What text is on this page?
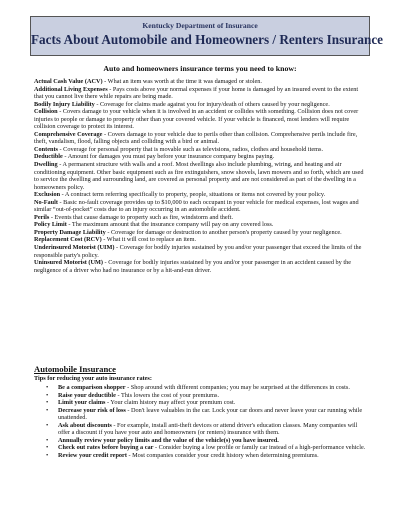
Kentucky Department of Insurance
Facts About Automobile and Homeowners / Renters Insurance
Auto and homeowners insurance terms you need to know:

Actual Cash Value (ACV) - What an item was worth at the time it was damaged or stolen.

Additional Living Expenses - Pays costs above your normal expenses if your home is damaged by an insured event to the extent that you cannot live there while repairs are being made.

Bodily Injury Liability - Coverage for claims made against you for injury/death of others caused by your negligence.

Collision - Covers damage to your vehicle when it is involved in an accident or collides with something. Collision does not cover injuries to people or damage to property other than your covered vehicle. If your vehicle is financed, most lenders will require collision coverage to protect its interest.

Comprehensive Coverage - Covers damage to your vehicle due to perils other than collision. Comprehensive perils include fire, theft, vandalism, flood, falling objects and colliding with a bird or animal.

Contents - Coverage for personal property that is movable such as televisions, radios, clothes and household items.

Deductible - Amount for damages you must pay before your insurance company begins paying.

Dwelling - A permanent structure with walls and a roof. Most dwellings also include plumbing, wiring, and heating and air conditioning equipment. Other basic equipment such as fire extinguishers, snow shovels, lawn mowers and so forth, which are used to service the dwelling and surrounding land, are covered as personal property and are not considered as part of the dwelling in a homeowners policy.

Exclusion - A contract term referring specifically to property, people, situations or items not covered by your policy.

No-Fault - Basic no-fault coverage provides up to $10,000 to each occupant in your vehicle for medical expenses, lost wages and similar “out-of-pocket” costs due to an injury occurring in an automobile accident.

Perils - Events that cause damage to property such as fire, windstorm and theft.

Policy Limit - The maximum amount that the insurance company will pay on any covered loss.

Property Damage Liability - Coverage for damage or destruction to another person's property caused by your negligence.

Replacement Cost (RCV) - What it will cost to replace an item.

Underinsured Motorist (UIM) - Coverage for bodily injuries sustained by you and/or your passenger that exceed the limits of the responsible party's policy.

Uninsured Motorist (UM) - Coverage for bodily injuries sustained by you and/or your passenger in an accident caused by the negligence of a driver who had no insurance or by a hit-and-run driver.

Automobile Insurance
Tips for reducing your auto insurance rates:
• Be a comparison shopper - Shop around with different companies; you may be surprised at the differences in costs.
• Raise your deductible - This lowers the cost of your premiums.
• Limit your claims - Your claim history may affect your premium cost.
• Decrease your risk of loss - Don't leave valuables in the car. Lock your car doors and never leave your car running while unattended.
• Ask about discounts - For example, install anti-theft devices or attend driver's education classes. Many companies will offer a discount if you have your auto and homeowners (or renters) insurance with them.
• Annually review your policy limits and the value of the vehicle(s) you have insured.
• Check out rates before buying a car - Consider buying a low profile or family car instead of a high-performance vehicle.
• Review your credit report - Most companies consider your credit history when determining premiums.
